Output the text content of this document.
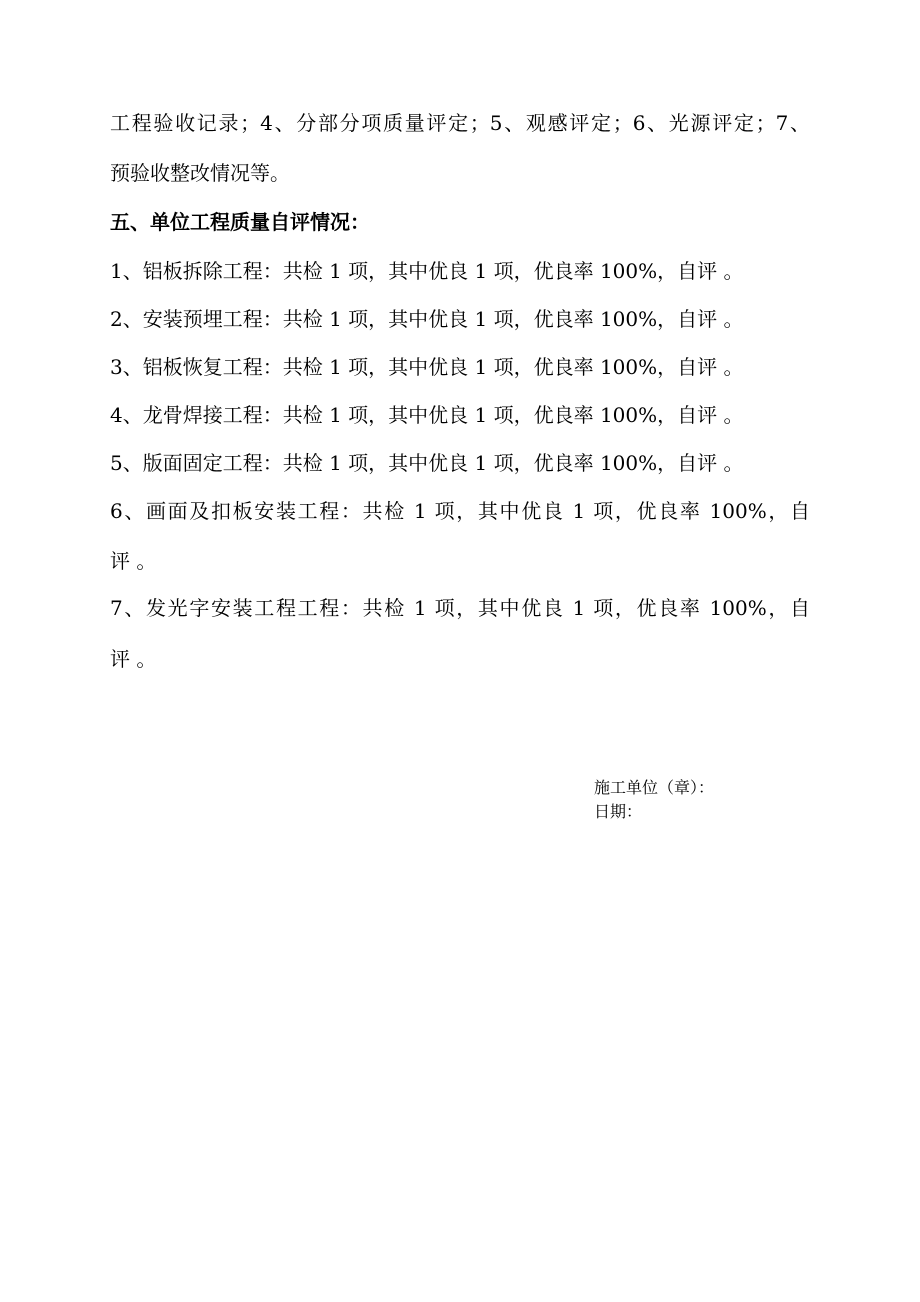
工程验收记录；4、分部分项质量评定；5、观感评定；6、光源评定；7、
预验收整改情况等。
五、单位工程质量自评情况：
1、铝板拆除工程：共检 1 项，其中优良 1 项，优良率 100%，自评 。
2、安装预埋工程：共检 1 项，其中优良 1 项，优良率 100%，自评 。
3、铝板恢复工程：共检 1 项，其中优良 1 项，优良率 100%，自评 。
4、龙骨焊接工程：共检 1 项，其中优良 1 项，优良率 100%，自评 。
5、版面固定工程：共检 1 项，其中优良 1 项，优良率 100%，自评 。
6、画面及扣板安装工程：共检 1 项，其中优良 1 项，优良率 100%，自
评 。
7、发光字安装工程工程：共检 1 项，其中优良 1 项，优良率 100%，自
评 。
施工单位（章）：
日期：
